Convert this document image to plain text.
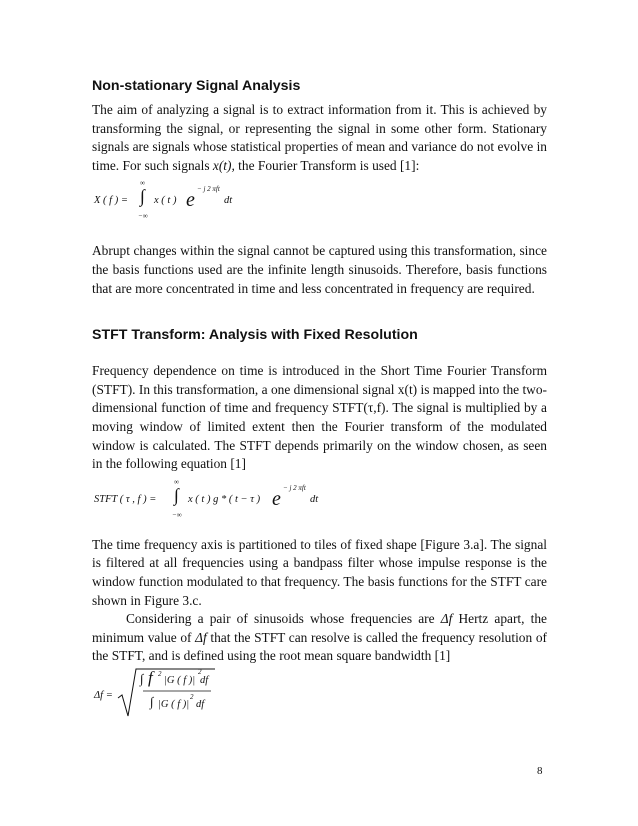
Non-stationary Signal Analysis

The aim of analyzing a signal is to extract information from it. This is achieved by transforming the signal, or representing the signal in some other form. Stationary signals are signals whose statistical properties of mean and variance do not evolve in time. For such signals x(t), the Fourier Transform is used [1]:

X ( f ) =
∞
∫
−∞
x ( t ) e − j 2 πft
dt

Abrupt changes within the signal cannot be captured using this transformation, since the basis functions used are the infinite length sinusoids. Therefore, basis functions that are more concentrated in time and less concentrated in frequency are required.

STFT Transform: Analysis with Fixed Resolution

Frequency dependence on time is introduced in the Short Time Fourier Transform (STFT). In this transformation, a one dimensional signal x(t) is mapped into the two-dimensional function of time and frequency STFT(τ,f). The signal is multiplied by a moving window of limited extent then the Fourier transform of the modulated window is calculated. The STFT depends primarily on the window chosen, as seen in the following equation [1]

STFT ( τ , f ) =
∞
∫
−∞
x ( t ) g * ( t − τ ) e − j 2 πft
dt

The time frequency axis is partitioned to tiles of fixed shape [Figure 3.a]. The signal is filtered at all frequencies using a bandpass filter whose impulse response is the window function modulated to that frequency. The basis functions for the STFT care shown in Figure 3.c.

Considering a pair of sinusoids whose frequencies are Δf Hertz apart, the minimum value of Δf that the STFT can resolve is called the frequency resolution of the STFT, and is defined using the root mean square bandwidth [1]

Δf =
∫ f 2
|G ( f )|
2
df
∫ |G ( f )|
2
df
8
